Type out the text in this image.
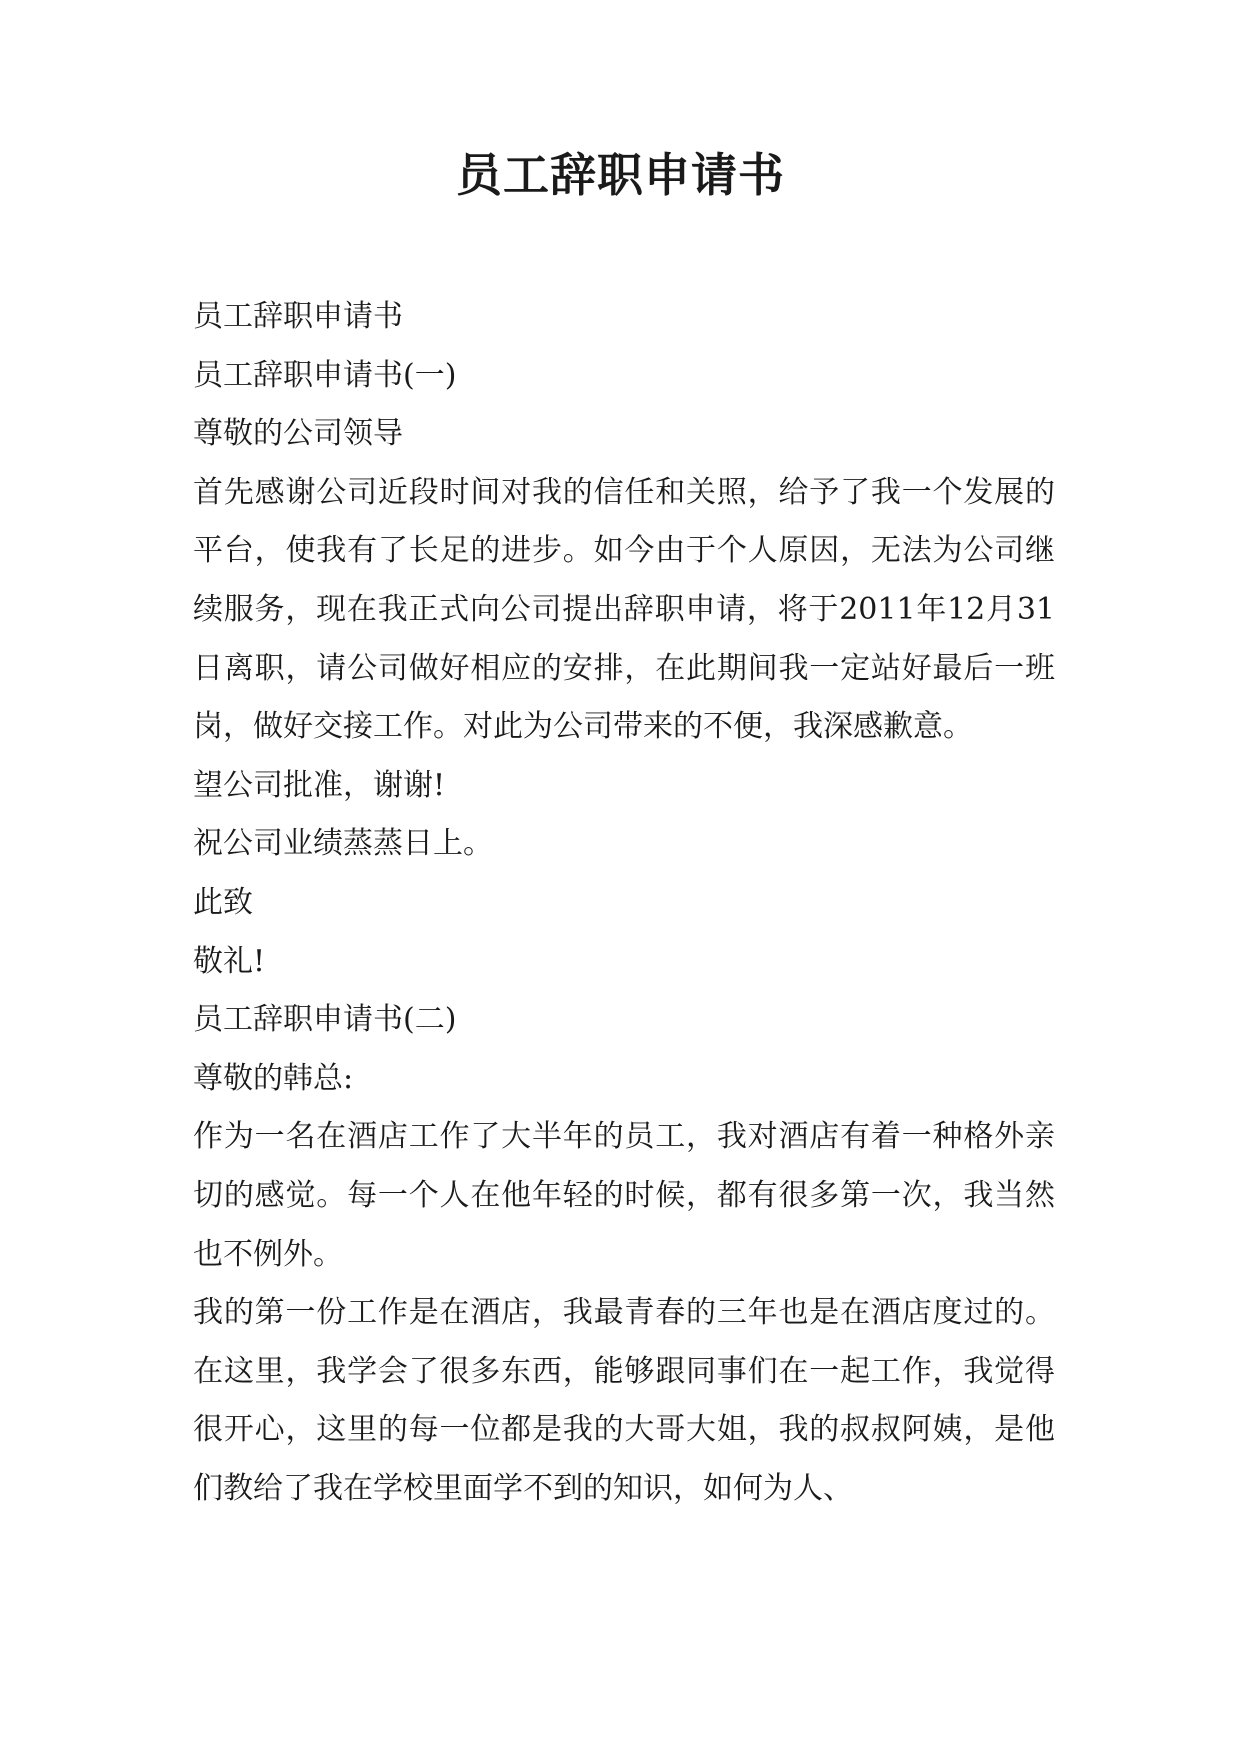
员工辞职申请书

员工辞职申请书

员工辞职申请书(一)

尊敬的公司领导

首先感谢公司近段时间对我的信任和关照，给予了我一个发展的平台，使我有了长足的进步。如今由于个人原因，无法为公司继续服务，现在我正式向公司提出辞职申请，将于2011年12月31日离职，请公司做好相应的安排，在此期间我一定站好最后一班岗，做好交接工作。对此为公司带来的不便，我深感歉意。

望公司批准，谢谢!

祝公司业绩蒸蒸日上。

此致

敬礼!

员工辞职申请书(二)

尊敬的韩总:

作为一名在酒店工作了大半年的员工，我对酒店有着一种格外亲切的感觉。每一个人在他年轻的时候，都有很多第一次，我当然也不例外。

我的第一份工作是在酒店，我最青春的三年也是在酒店度过的。在这里，我学会了很多东西，能够跟同事们在一起工作，我觉得很开心，这里的每一位都是我的大哥大姐，我的叔叔阿姨，是他们教给了我在学校里面学不到的知识，如何为人、
